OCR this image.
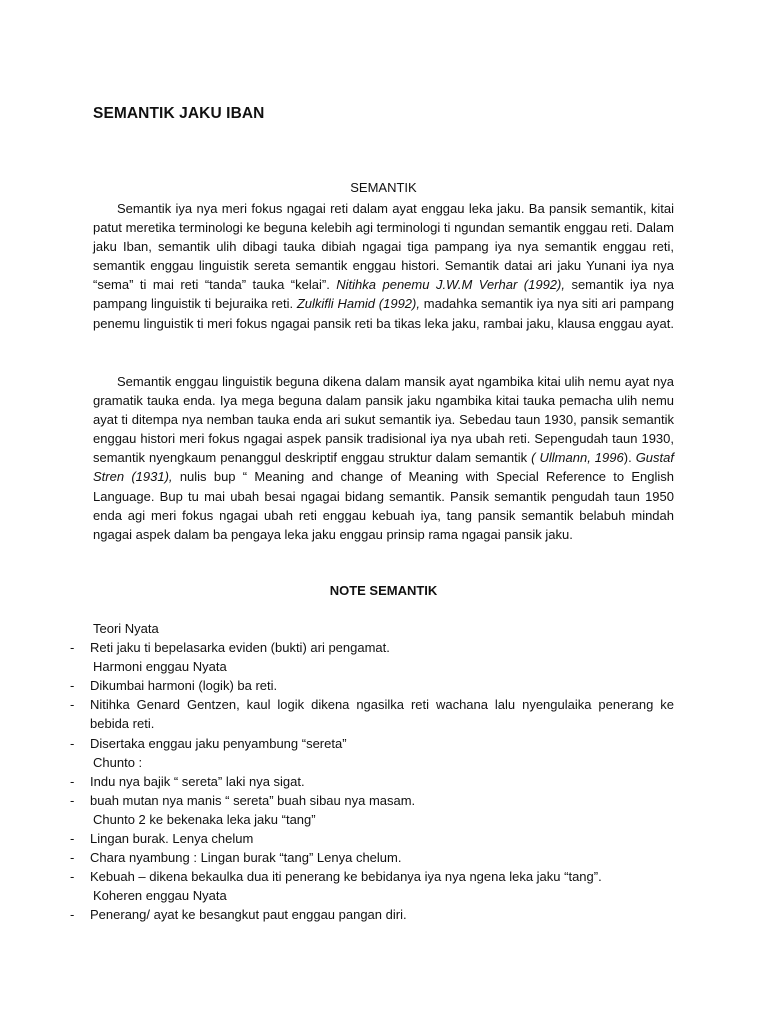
SEMANTIK JAKU IBAN
SEMANTIK

Semantik iya nya meri fokus ngagai reti dalam ayat enggau leka jaku. Ba pansik semantik, kitai patut meretika terminologi ke beguna kelebih agi terminologi ti ngundan semantik enggau reti. Dalam jaku Iban, semantik ulih dibagi tauka dibiah ngagai tiga pampang iya nya semantik enggau reti, semantik enggau linguistik sereta semantik enggau histori. Semantik datai ari jaku Yunani iya nya “sema” ti mai reti “tanda” tauka “kelai”. Nitihka penemu J.W.M Verhar (1992), semantik iya nya pampang linguistik ti bejuraika reti. Zulkifli Hamid (1992), madahka semantik iya nya siti ari pampang penemu linguistik ti meri fokus ngagai pansik reti ba tikas leka jaku, rambai jaku, klausa enggau ayat.

Semantik enggau linguistik beguna dikena dalam mansik ayat ngambika kitai ulih nemu ayat nya gramatik tauka enda. Iya mega beguna dalam pansik jaku ngambika kitai tauka pemacha ulih nemu ayat ti ditempa nya nemban tauka enda ari sukut semantik iya. Sebedau taun 1930, pansik semantik enggau histori meri fokus ngagai aspek pansik tradisional iya nya ubah reti. Sepengudah taun 1930, semantik nyengkaum penanggul deskriptif enggau struktur dalam semantik ( Ullmann, 1996). Gustaf Stren (1931), nulis bup “ Meaning and change of Meaning with Special Reference to English Language. Bup tu mai ubah besai ngagai bidang semantik. Pansik semantik pengudah taun 1950 enda agi meri fokus ngagai ubah reti enggau kebuah iya, tang pansik semantik belabuh mindah ngagai aspek dalam ba pengaya leka jaku enggau prinsip rama ngagai pansik jaku.

NOTE SEMANTIK
Teori Nyata
- Reti jaku ti bepelasarka eviden (bukti) ari pengamat.
Harmoni enggau Nyata
- Dikumbai harmoni (logik) ba reti.
- Nitihka Genard Gentzen, kaul logik dikena ngasilka reti wachana lalu nyengulaika penerang ke bebida reti.
- Disertaka enggau jaku penyambung “sereta”
Chunto :
- Indu nya bajik “ sereta” laki nya sigat.
- buah mutan nya manis “ sereta” buah sibau nya masam.
Chunto 2 ke bekenaka leka jaku “tang”
- Lingan burak. Lenya chelum
- Chara nyambung : Lingan burak “tang” Lenya chelum.
- Kebuah – dikena bekaulka dua iti penerang ke bebidanya iya nya ngena leka jaku “tang”.
Koheren enggau Nyata
- Penerang/ ayat ke besangkut paut enggau pangan diri.
